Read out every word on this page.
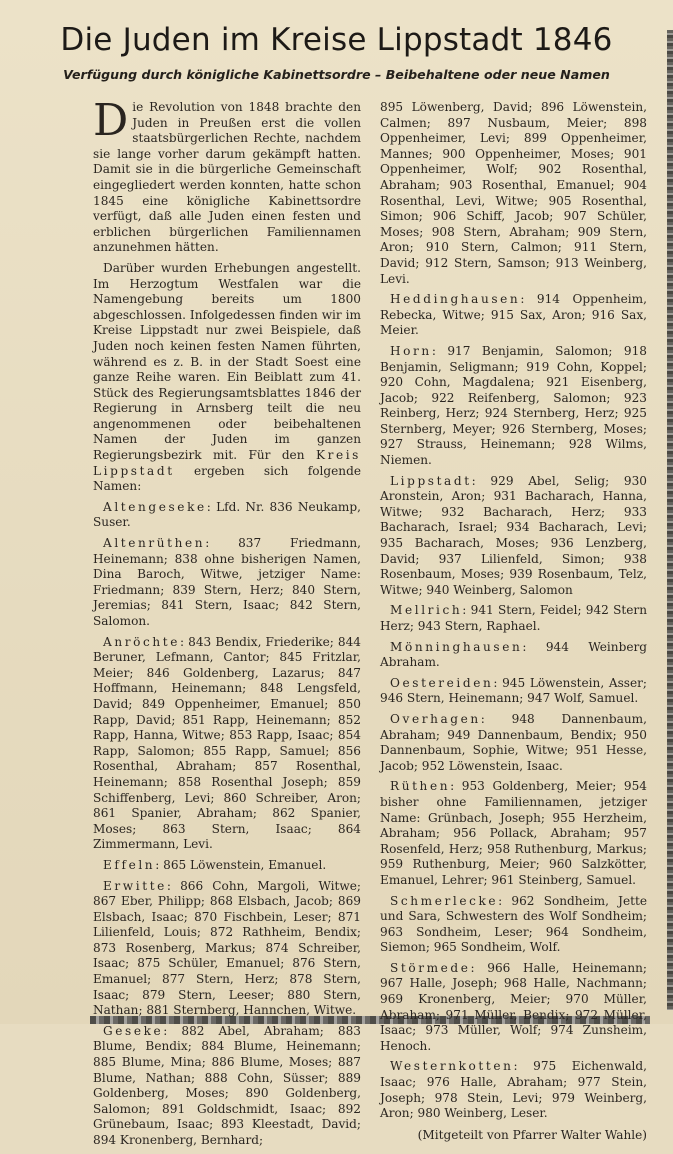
Die Juden im Kreise Lippstadt 1846
Verfügung durch königliche Kabinettsordre – Beibehaltene oder neue Namen

Die Revolution von 1848 brachte den Juden in Preußen erst die vollen staatsbürgerlichen Rechte, nachdem sie lange vorher darum gekämpft hatten. Damit sie in die bürgerliche Gemeinschaft eingegliedert werden konnten, hatte schon 1845 eine königliche Kabinettsordre verfügt, daß alle Juden einen festen und erblichen bürgerlichen Familiennamen anzunehmen hätten.

Darüber wurden Erhebungen angestellt. Im Herzogtum Westfalen war die Namengebung bereits um 1800 abgeschlossen. Infolgedessen finden wir im Kreise Lippstadt nur zwei Beispiele, daß Juden noch keinen festen Namen führten, während es z. B. in der Stadt Soest eine ganze Reihe waren. Ein Beiblatt zum 41. Stück des Regierungsamtsblattes 1846 der Regierung in Arnsberg teilt die neu angenommenen oder beibehaltenen Namen der Juden im ganzen Regierungsbezirk mit. Für den Kreis Lippstadt ergeben sich folgende Namen:

Altengeseke: Lfd. Nr. 836 Neukamp, Suser.

Altenrüthen: 837 Friedmann, Heinemann; 838 ohne bisherigen Namen, Dina Baroch, Witwe, jetziger Name: Friedmann; 839 Stern, Herz; 840 Stern, Jeremias; 841 Stern, Isaac; 842 Stern, Salomon.

Anröchte: 843 Bendix, Friederike; 844 Beruner, Lefmann, Cantor; 845 Fritzlar, Meier; 846 Goldenberg, Lazarus; 847 Hoffmann, Heinemann; 848 Lengsfeld, David; 849 Oppenheimer, Emanuel; 850 Rapp, David; 851 Rapp, Heinemann; 852 Rapp, Hanna, Witwe; 853 Rapp, Isaac; 854 Rapp, Salomon; 855 Rapp, Samuel; 856 Rosenthal, Abraham; 857 Rosenthal, Heinemann; 858 Rosenthal Joseph; 859 Schiffenberg, Levi; 860 Schreiber, Aron; 861 Spanier, Abraham; 862 Spanier, Moses; 863 Stern, Isaac; 864 Zimmermann, Levi.

Effeln: 865 Löwenstein, Emanuel.

Erwitte: 866 Cohn, Margoli, Witwe; 867 Eber, Philipp; 868 Elsbach, Jacob; 869 Elsbach, Isaac; 870 Fischbein, Leser; 871 Lilienfeld, Louis; 872 Rathheim, Bendix; 873 Rosenberg, Markus; 874 Schreiber, Isaac; 875 Schüler, Emanuel; 876 Stern, Emanuel; 877 Stern, Herz; 878 Stern, Isaac; 879 Stern, Leeser; 880 Stern, Nathan; 881 Sternberg, Hannchen, Witwe.

Geseke: 882 Abel, Abraham; 883 Blume, Bendix; 884 Blume, Heinemann; 885 Blume, Mina; 886 Blume, Moses; 887 Blume, Nathan; 888 Cohn, Süsser; 889 Goldenberg, Moses; 890 Goldenberg, Salomon; 891 Goldschmidt, Isaac; 892 Grünebaum, Isaac; 893 Kleestadt, David; 894 Kronenberg, Bernhard;

895 Löwenberg, David; 896 Löwenstein, Calmen; 897 Nusbaum, Meier; 898 Oppenheimer, Levi; 899 Oppenheimer, Mannes; 900 Oppenheimer, Moses; 901 Oppenheimer, Wolf; 902 Rosenthal, Abraham; 903 Rosenthal, Emanuel; 904 Rosenthal, Levi, Witwe; 905 Rosenthal, Simon; 906 Schiff, Jacob; 907 Schüler, Moses; 908 Stern, Abraham; 909 Stern, Aron; 910 Stern, Calmon; 911 Stern, David; 912 Stern, Samson; 913 Weinberg, Levi.

Heddinghausen: 914 Oppenheim, Rebecka, Witwe; 915 Sax, Aron; 916 Sax, Meier.

Horn: 917 Benjamin, Salomon; 918 Benjamin, Seligmann; 919 Cohn, Koppel; 920 Cohn, Magdalena; 921 Eisenberg, Jacob; 922 Reifenberg, Salomon; 923 Reinberg, Herz; 924 Sternberg, Herz; 925 Sternberg, Meyer; 926 Sternberg, Moses; 927 Strauss, Heinemann; 928 Wilms, Niemen.

Lippstadt: 929 Abel, Selig; 930 Aronstein, Aron; 931 Bacharach, Hanna, Witwe; 932 Bacharach, Herz; 933 Bacharach, Israel; 934 Bacharach, Levi; 935 Bacharach, Moses; 936 Lenzberg, David; 937 Lilienfeld, Simon; 938 Rosenbaum, Moses; 939 Rosenbaum, Telz, Witwe; 940 Weinberg, Salomon

Mellrich: 941 Stern, Feidel; 942 Stern Herz; 943 Stern, Raphael.

Mönninghausen: 944 Weinberg Abraham.

Oestereiden: 945 Löwenstein, Asser; 946 Stern, Heinemann; 947 Wolf, Samuel.

Overhagen: 948 Dannenbaum, Abraham; 949 Dannenbaum, Bendix; 950 Dannenbaum, Sophie, Witwe; 951 Hesse, Jacob; 952 Löwenstein, Isaac.

Rüthen: 953 Goldenberg, Meier; 954 bisher ohne Familiennamen, jetziger Name: Grünbach, Joseph; 955 Herzheim, Abraham; 956 Pollack, Abraham; 957 Rosenfeld, Herz; 958 Ruthenburg, Markus; 959 Ruthenburg, Meier; 960 Salzkötter, Emanuel, Lehrer; 961 Steinberg, Samuel.

Schmerlecke: 962 Sondheim, Jette und Sara, Schwestern des Wolf Sondheim; 963 Sondheim, Leser; 964 Sondheim, Siemon; 965 Sondheim, Wolf.

Störmede: 966 Halle, Heinemann; 967 Halle, Joseph; 968 Halle, Nachmann; 969 Kronenberg, Meier; 970 Müller, Abraham; 971 Müller, Bendix; 972 Müller, Isaac; 973 Müller, Wolf; 974 Zunsheim, Henoch.

Westernkotten: 975 Eichenwald, Isaac; 976 Halle, Abraham; 977 Stein, Joseph; 978 Stein, Levi; 979 Weinberg, Aron; 980 Weinberg, Leser.

(Mitgeteilt von Pfarrer Walter Wahle)
